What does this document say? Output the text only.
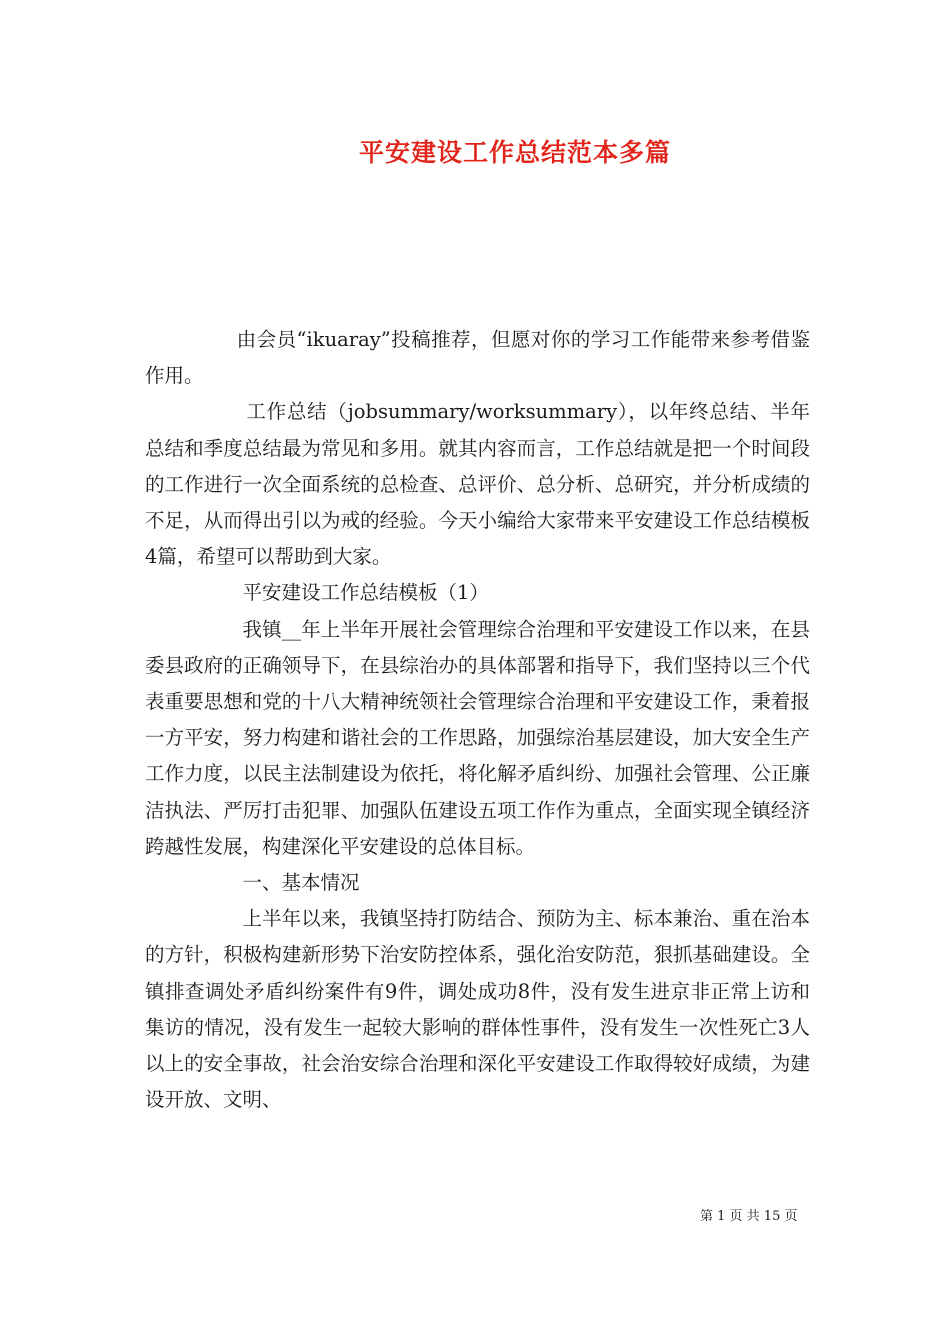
平安建设工作总结范本多篇

由会员“ikuaray”投稿推荐，但愿对你的学习工作能带来参考借鉴作用。

工作总结（jobsummary/worksummary），以年终总结、半年总结和季度总结最为常见和多用。就其内容而言，工作总结就是把一个时间段的工作进行一次全面系统的总检查、总评价、总分析、总研究，并分析成绩的不足，从而得出引以为戒的经验。今天小编给大家带来平安建设工作总结模板4篇，希望可以帮助到大家。

平安建设工作总结模板（1）

我镇__年上半年开展社会管理综合治理和平安建设工作以来，在县委县政府的正确领导下，在县综治办的具体部署和指导下，我们坚持以三个代表重要思想和党的十八大精神统领社会管理综合治理和平安建设工作，秉着报一方平安，努力构建和谐社会的工作思路，加强综治基层建设，加大安全生产工作力度，以民主法制建设为依托，将化解矛盾纠纷、加强社会管理、公正廉洁执法、严厉打击犯罪、加强队伍建设五项工作作为重点，全面实现全镇经济跨越性发展，构建深化平安建设的总体目标。

一、基本情况

上半年以来，我镇坚持打防结合、预防为主、标本兼治、重在治本的方针，积极构建新形势下治安防控体系，强化治安防范，狠抓基础建设。全镇排查调处矛盾纠纷案件有9件，调处成功8件，没有发生进京非正常上访和集访的情况，没有发生一起较大影响的群体性事件，没有发生一次性死亡3人以上的安全事故，社会治安综合治理和深化平安建设工作取得较好成绩，为建设开放、文明、

第 1 页 共 15 页
